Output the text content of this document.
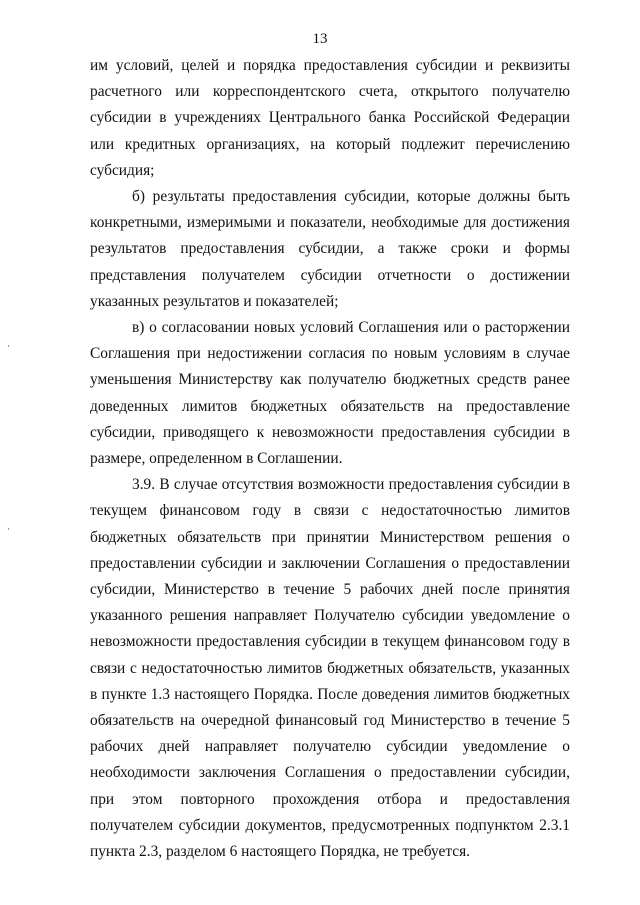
13

им условий, целей и порядка предоставления субсидии и реквизиты расчетного или корреспондентского счета, открытого получателю субсидии в учреждениях Центрального банка Российской Федерации или кредитных организациях, на который подлежит перечислению субсидия;

б) результаты предоставления субсидии, которые должны быть конкретными, измеримыми и показатели, необходимые для достижения результатов предоставления субсидии, а также сроки и формы представления получателем субсидии отчетности о достижении указанных результатов и показателей;

в) о согласовании новых условий Соглашения или о расторжении Соглашения при недостижении согласия по новым условиям в случае уменьшения Министерству как получателю бюджетных средств ранее доведенных лимитов бюджетных обязательств на предоставление субсидии, приводящего к невозможности предоставления субсидии в размере, определенном в Соглашении.

3.9. В случае отсутствия возможности предоставления субсидии в текущем финансовом году в связи с недостаточностью лимитов бюджетных обязательств при принятии Министерством решения о предоставлении субсидии и заключении Соглашения о предоставлении субсидии, Министерство в течение 5 рабочих дней после принятия указанного решения направляет Получателю субсидии уведомление о невозможности предоставления субсидии в текущем финансовом году в связи с недостаточностью лимитов бюджетных обязательств, указанных в пункте 1.3 настоящего Порядка. После доведения лимитов бюджетных обязательств на очередной финансовый год Министерство в течение 5 рабочих дней направляет получателю субсидии уведомление о необходимости заключения Соглашения о предоставлении субсидии, при этом повторного прохождения отбора и предоставления получателем субсидии документов, предусмотренных подпунктом 2.3.1 пункта 2.3, разделом 6 настоящего Порядка, не требуется.
